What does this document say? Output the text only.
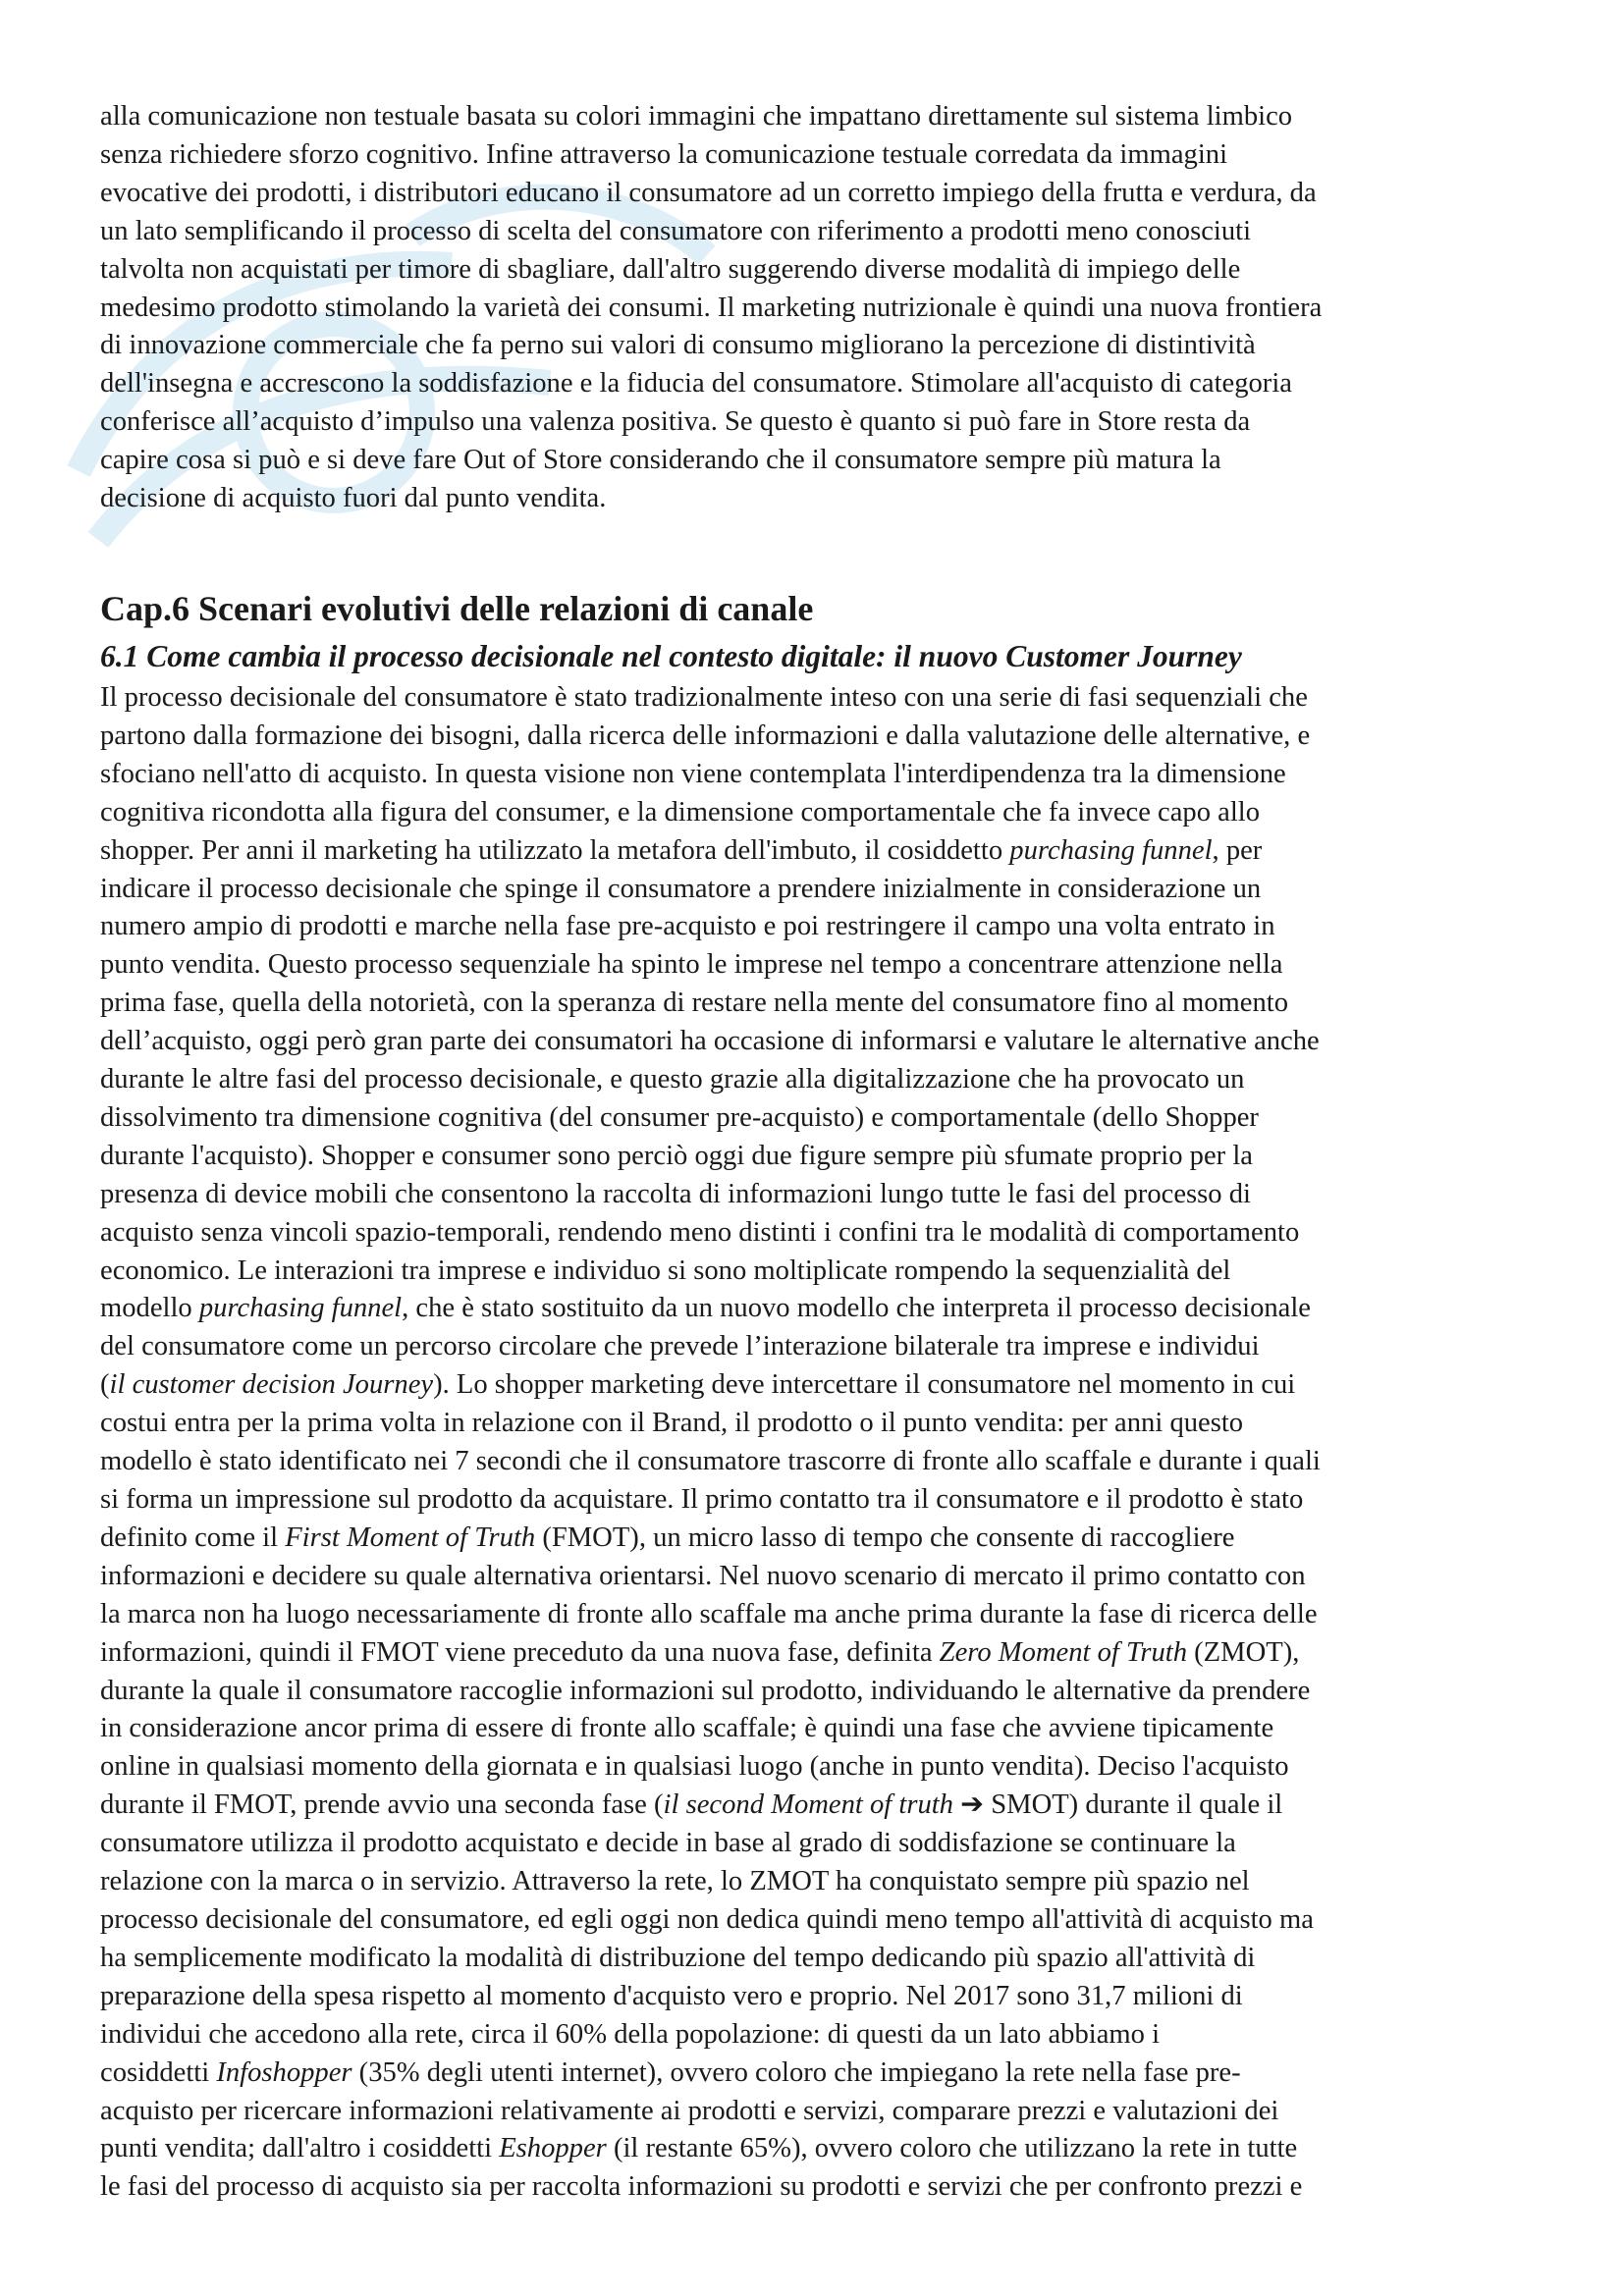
alla comunicazione non testuale basata su colori immagini che impattano direttamente sul sistema limbico
senza richiedere sforzo cognitivo. Infine attraverso la comunicazione testuale corredata da immagini
evocative dei prodotti, i distributori educano il consumatore ad un corretto impiego della frutta e verdura, da
un lato semplificando il processo di scelta del consumatore con riferimento a prodotti meno conosciuti
talvolta non acquistati per timore di sbagliare, dall'altro suggerendo diverse modalità di impiego delle
medesimo prodotto stimolando la varietà dei consumi. Il marketing nutrizionale è quindi una nuova frontiera
di innovazione commerciale che fa perno sui valori di consumo migliorano la percezione di distintività
dell'insegna e accrescono la soddisfazione e la fiducia del consumatore. Stimolare all'acquisto di categoria
conferisce all’acquisto d’impulso una valenza positiva. Se questo è quanto si può fare in Store resta da
capire cosa si può e si deve fare Out of Store considerando che il consumatore sempre più matura la
decisione di acquisto fuori dal punto vendita.
Cap.6 Scenari evolutivi delle relazioni di canale
6.1 Come cambia il processo decisionale nel contesto digitale: il nuovo Customer Journey
Il processo decisionale del consumatore è stato tradizionalmente inteso con una serie di fasi sequenziali che
partono dalla formazione dei bisogni, dalla ricerca delle informazioni e dalla valutazione delle alternative, e
sfociano nell'atto di acquisto. In questa visione non viene contemplata l'interdipendenza tra la dimensione
cognitiva ricondotta alla figura del consumer, e la dimensione comportamentale che fa invece capo allo
shopper. Per anni il marketing ha utilizzato la metafora dell'imbuto, il cosiddetto purchasing funnel, per
indicare il processo decisionale che spinge il consumatore a prendere inizialmente in considerazione un
numero ampio di prodotti e marche nella fase pre-acquisto e poi restringere il campo una volta entrato in
punto vendita. Questo processo sequenziale ha spinto le imprese nel tempo a concentrare attenzione nella
prima fase, quella della notorietà, con la speranza di restare nella mente del consumatore fino al momento
dell’acquisto, oggi però gran parte dei consumatori ha occasione di informarsi e valutare le alternative anche
durante le altre fasi del processo decisionale, e questo grazie alla digitalizzazione che ha provocato un
dissolvimento tra dimensione cognitiva (del consumer pre-acquisto) e comportamentale (dello Shopper
durante l'acquisto). Shopper e consumer sono perciò oggi due figure sempre più sfumate proprio per la
presenza di device mobili che consentono la raccolta di informazioni lungo tutte le fasi del processo di
acquisto senza vincoli spazio-temporali, rendendo meno distinti i confini tra le modalità di comportamento
economico. Le interazioni tra imprese e individuo si sono moltiplicate rompendo la sequenzialità del
modello purchasing funnel, che è stato sostituito da un nuovo modello che interpreta il processo decisionale
del consumatore come un percorso circolare che prevede l’interazione bilaterale tra imprese e individui
(il customer decision Journey). Lo shopper marketing deve intercettare il consumatore nel momento in cui
costui entra per la prima volta in relazione con il Brand, il prodotto o il punto vendita: per anni questo
modello è stato identificato nei 7 secondi che il consumatore trascorre di fronte allo scaffale e durante i quali
si forma un impressione sul prodotto da acquistare. Il primo contatto tra il consumatore e il prodotto è stato
definito come il First Moment of Truth (FMOT), un micro lasso di tempo che consente di raccogliere
informazioni e decidere su quale alternativa orientarsi. Nel nuovo scenario di mercato il primo contatto con
la marca non ha luogo necessariamente di fronte allo scaffale ma anche prima durante la fase di ricerca delle
informazioni, quindi il FMOT viene preceduto da una nuova fase, definita Zero Moment of Truth (ZMOT),
durante la quale il consumatore raccoglie informazioni sul prodotto, individuando le alternative da prendere
in considerazione ancor prima di essere di fronte allo scaffale; è quindi una fase che avviene tipicamente
online in qualsiasi momento della giornata e in qualsiasi luogo (anche in punto vendita). Deciso l'acquisto
durante il FMOT, prende avvio una seconda fase (il second Moment of truth ➔ SMOT) durante il quale il
consumatore utilizza il prodotto acquistato e decide in base al grado di soddisfazione se continuare la
relazione con la marca o in servizio. Attraverso la rete, lo ZMOT ha conquistato sempre più spazio nel
processo decisionale del consumatore, ed egli oggi non dedica quindi meno tempo all'attività di acquisto ma
ha semplicemente modificato la modalità di distribuzione del tempo dedicando più spazio all'attività di
preparazione della spesa rispetto al momento d'acquisto vero e proprio. Nel 2017 sono 31,7 milioni di
individui che accedono alla rete, circa il 60% della popolazione: di questi da un lato abbiamo i
cosiddetti Infoshopper (35% degli utenti internet), ovvero coloro che impiegano la rete nella fase pre-
acquisto per ricercare informazioni relativamente ai prodotti e servizi, comparare prezzi e valutazioni dei
punti vendita; dall'altro i cosiddetti Eshopper (il restante 65%), ovvero coloro che utilizzano la rete in tutte
le fasi del processo di acquisto sia per raccolta informazioni su prodotti e servizi che per confronto prezzi e
